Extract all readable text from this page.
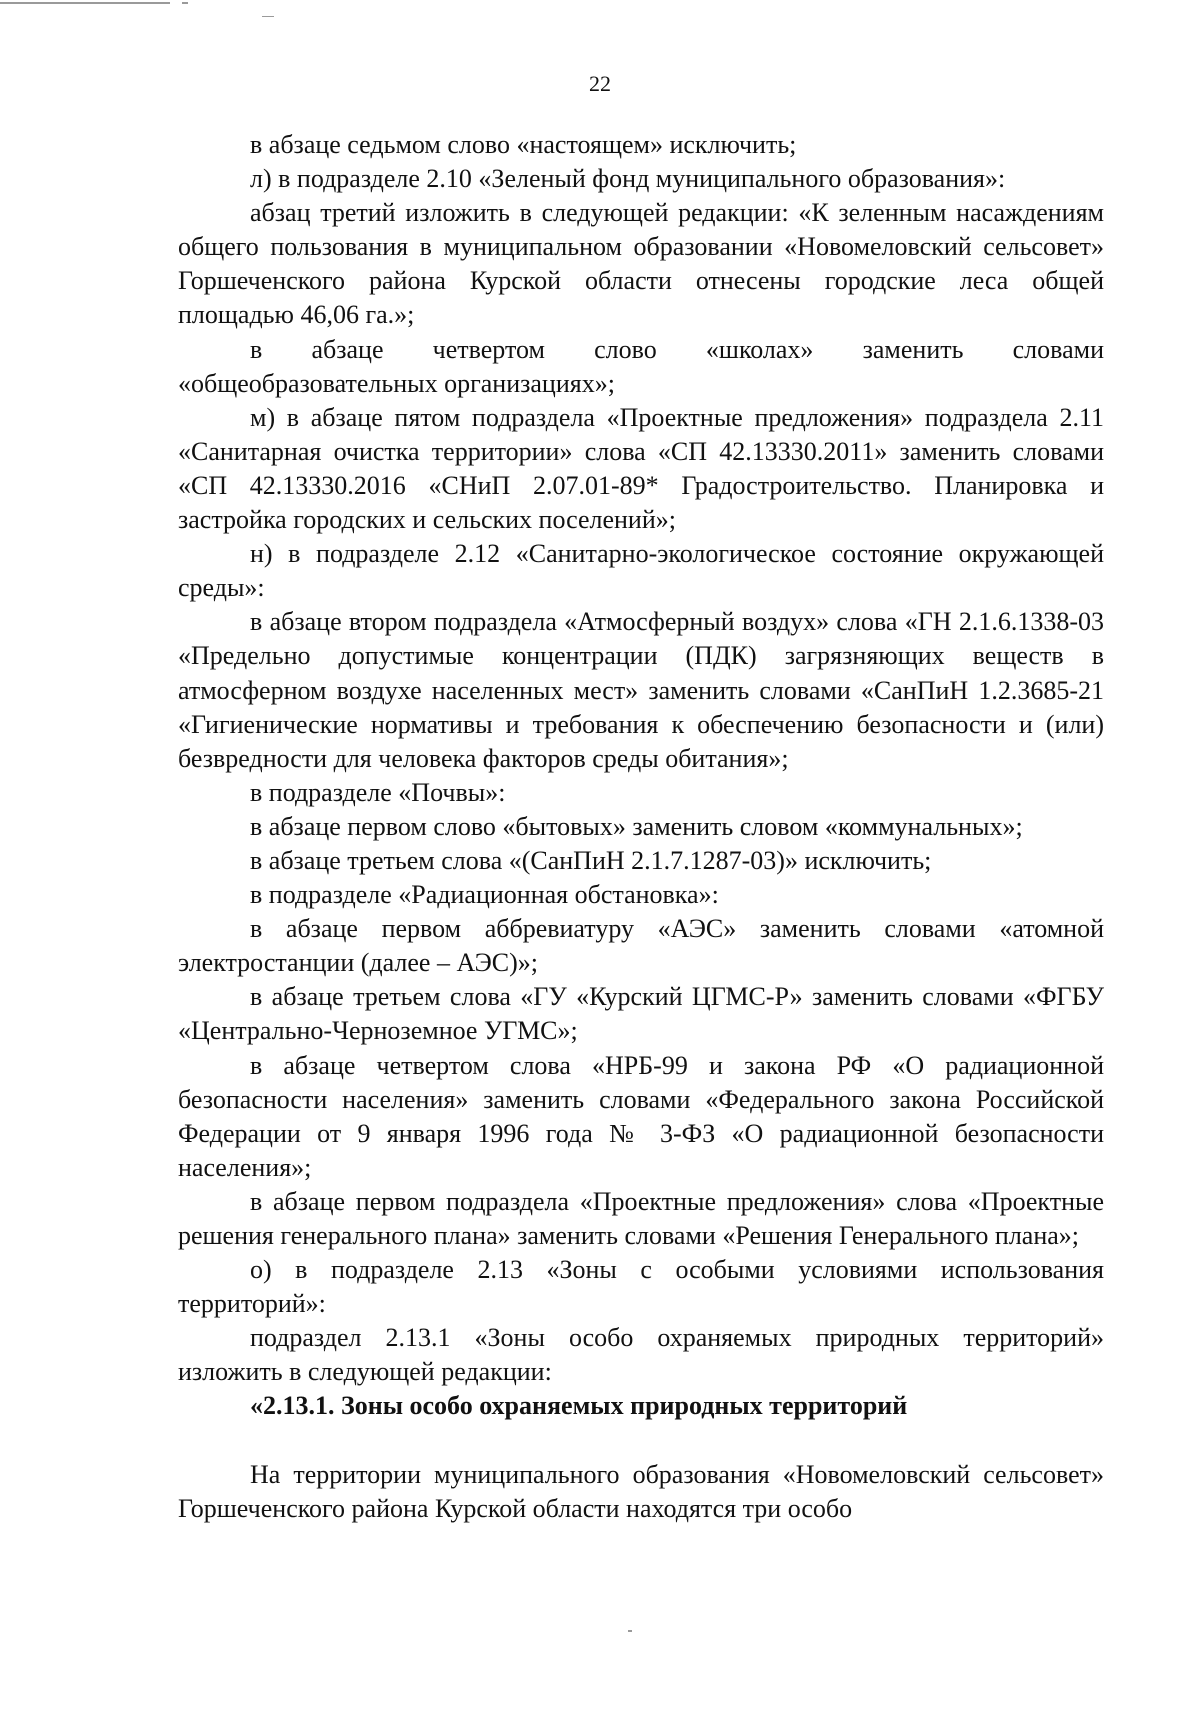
22

в абзаце седьмом слово «настоящем» исключить;

л) в подразделе 2.10 «Зеленый фонд муниципального образования»:

абзац третий изложить в следующей редакции: «К зеленным насаждениям общего пользования в муниципальном образовании «Новомеловский сельсовет» Горшеченского района Курской области отнесены городские леса общей площадью 46,06 га.»;

в абзаце четвертом слово «школах» заменить словами «общеобразовательных организациях»;

м) в абзаце пятом подраздела «Проектные предложения» подраздела 2.11 «Санитарная очистка территории» слова «СП 42.13330.2011» заменить словами «СП 42.13330.2016 «СНиП 2.07.01-89* Градостроительство. Планировка и застройка городских и сельских поселений»;

н) в подразделе 2.12 «Санитарно-экологическое состояние окружающей среды»:

в абзаце втором подраздела «Атмосферный воздух» слова «ГН 2.1.6.1338-03 «Предельно допустимые концентрации (ПДК) загрязняющих веществ в атмосферном воздухе населенных мест» заменить словами «СанПиН 1.2.3685-21 «Гигиенические нормативы и требования к обеспечению безопасности и (или) безвредности для человека факторов среды обитания»;

в подразделе «Почвы»:

в абзаце первом слово «бытовых» заменить словом «коммунальных»;

в абзаце третьем слова «(СанПиН 2.1.7.1287-03)» исключить;

в подразделе «Радиационная обстановка»:

в абзаце первом аббревиатуру «АЭС» заменить словами «атомной электростанции (далее – АЭС)»;

в абзаце третьем слова «ГУ «Курский ЦГМС-Р» заменить словами «ФГБУ «Центрально-Черноземное УГМС»;

в абзаце четвертом слова «НРБ-99 и закона РФ «О радиационной безопасности населения» заменить словами «Федерального закона Российской Федерации от 9 января 1996 года № 3-ФЗ «О радиационной безопасности населения»;

в абзаце первом подраздела «Проектные предложения» слова «Проектные решения генерального плана» заменить словами «Решения Генерального плана»;

о) в подразделе 2.13 «Зоны с особыми условиями использования территорий»:

подраздел 2.13.1 «Зоны особо охраняемых природных территорий» изложить в следующей редакции:

«2.13.1. Зоны особо охраняемых природных территорий

На территории муниципального образования «Новомеловский сельсовет» Горшеченского района Курской области находятся три особо
